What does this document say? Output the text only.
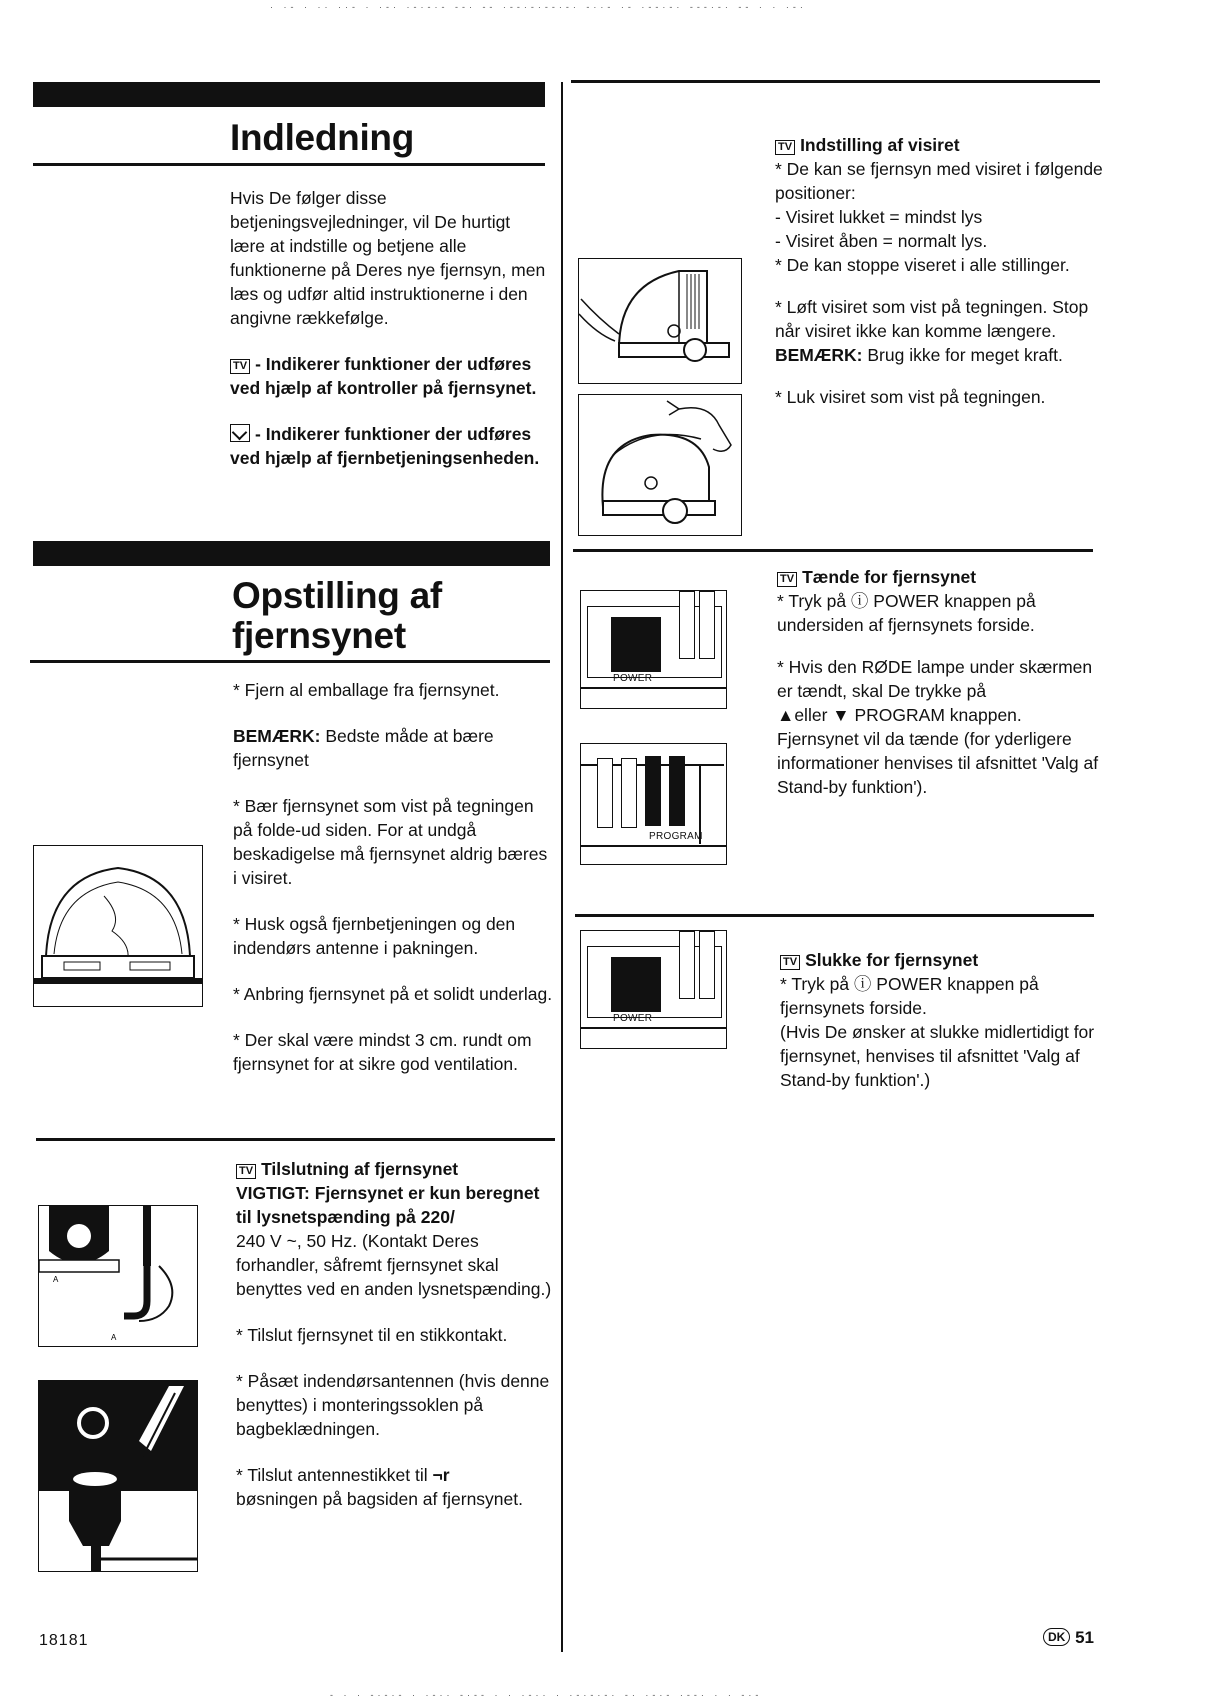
· ·- · ·· ··- · ·-· ·-·-·- --· -- ·--·-·--·-· -··- ·- ·--·-· ---·-· -- · · ·-·
- · · -·-·- · ·-·· -·-- · · ·-·· · ·-·-·-· -· ·-·- ·--· · · -·-
Indledning

Hvis De følger disse betjeningsvejledninger, vil De hurtigt lære at indstille og betjene alle funktionerne på Deres nye fjernsyn, men læs og udfør altid instruktionerne i den angivne rækkefølge.

TV - Indikerer funktioner der udføres ved hjælp af kontroller på fjernsynet.

- Indikerer funktioner der udføres ved hjælp af fjernbetjeningsenheden.

Opstilling af
fjernsynet

* Fjern al emballage fra fjernsynet.

BEMÆRK: Bedste måde at bære fjernsynet

* Bær fjernsynet som vist på tegningen på folde-ud siden. For at undgå beskadigelse må fjernsynet aldrig bæres i visiret.

* Husk også fjernbetjeningen og den indendørs antenne i pakningen.

* Anbring fjernsynet på et solidt underlag.

* Der skal være mindst 3 cm. rundt om fjernsynet for at sikre god ventilation.

TV Tilslutning af fjernsynet
VIGTIGT: Fjernsynet er kun beregnet til lysnetspænding på 220/
240 V ~, 50 Hz. (Kontakt Deres forhandler, såfremt fjernsynet skal benyttes ved en anden lysnetspænding.)

* Tilslut fjernsynet til en stikkontakt.

* Påsæt indendørsantennen (hvis denne benyttes) i monteringssoklen på bagbeklædningen.

* Tilslut antennestikket til ¬r
bøsningen på bagsiden af fjernsynet.

A
A

TV Indstilling af visiret
* De kan se fjernsyn med visiret i følgende positioner:
- Visiret lukket = mindst lys
- Visiret åben = normalt lys.
* De kan stoppe viseret i alle stillinger.

* Løft visiret som vist på tegningen. Stop når visiret ikke kan komme længere.
BEMÆRK: Brug ikke for meget kraft.

* Luk visiret som vist på tegningen.

TV Tænde for fjernsynet
* Tryk på ⓘ POWER knappen på undersiden af fjernsynets forside.

* Hvis den RØDE lampe under skærmen er tændt, skal De trykke på
▲eller ▼ PROGRAM knappen. Fjernsynet vil da tænde (for yderligere informationer henvises til afsnittet 'Valg af Stand-by funktion').

POWER
PROGRAM

TV Slukke for fjernsynet
* Tryk på ⓘ POWER knappen på fjernsynets forside.
(Hvis De ønsker at slukke midlertidigt for fjernsynet, henvises til afsnittet 'Valg af Stand-by funktion'.)

POWER
18181	DK 51
